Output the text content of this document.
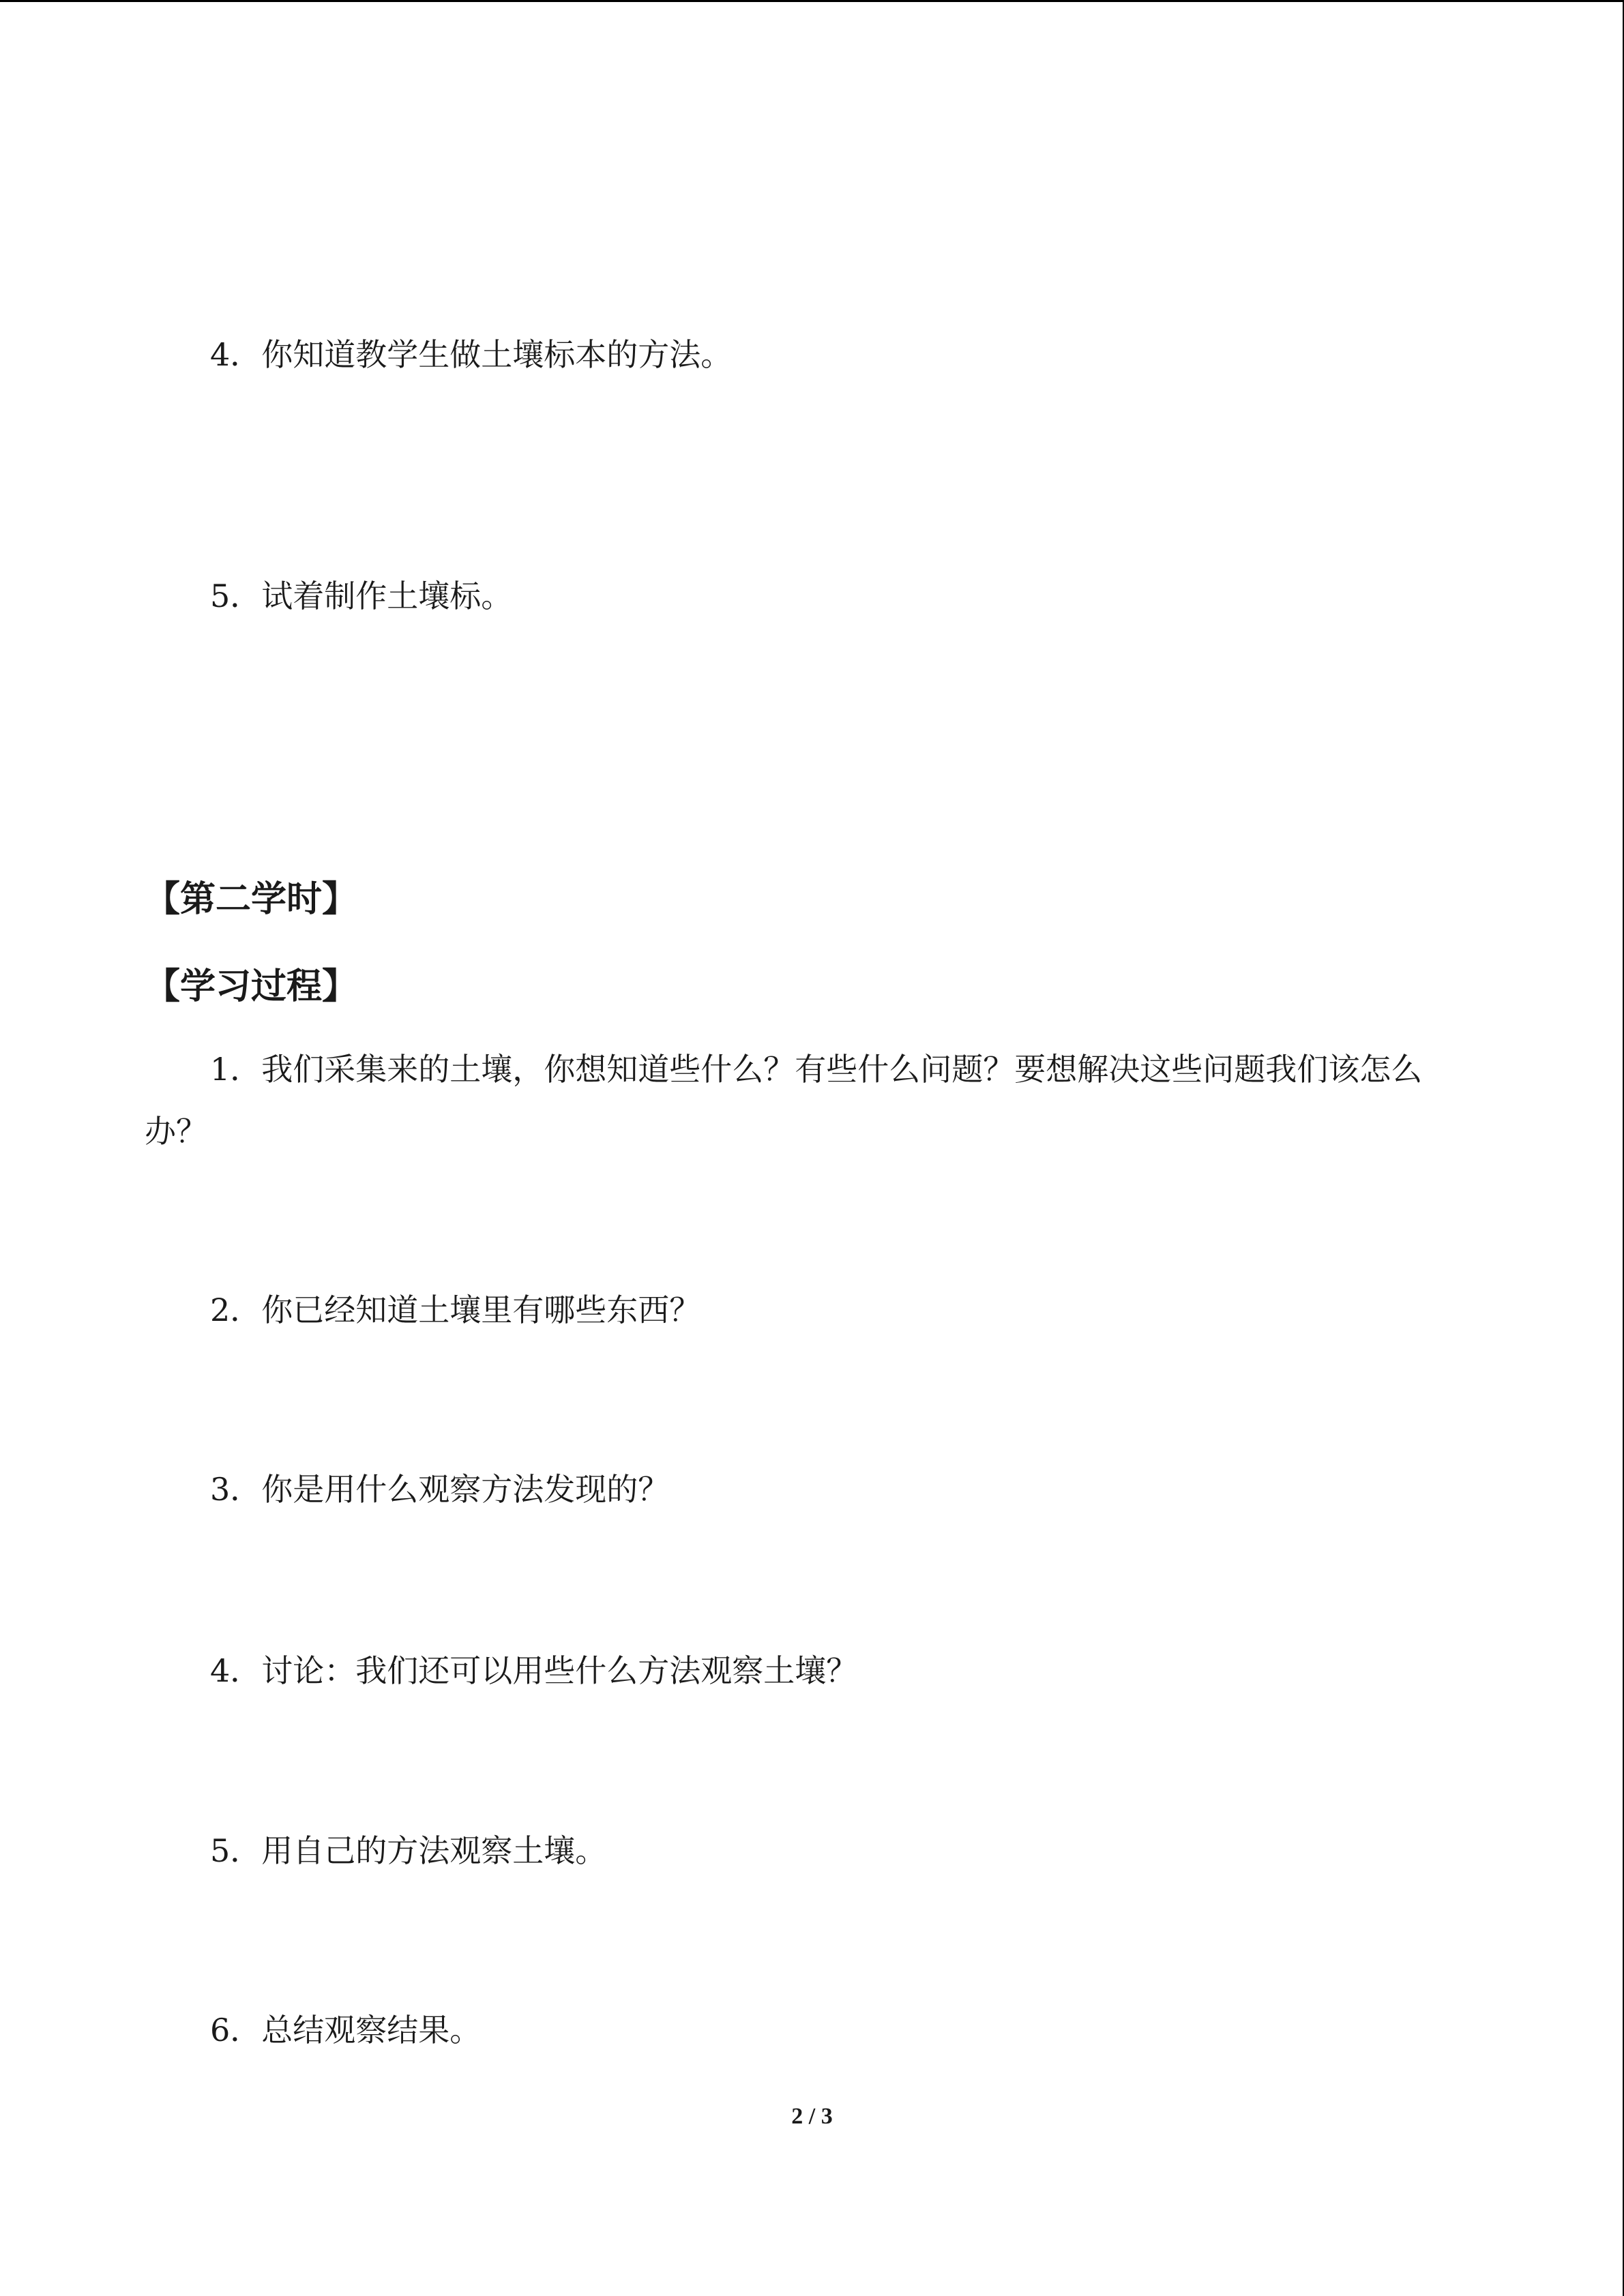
4．你知道教学生做土壤标本的方法。
5．试着制作土壤标。
【第二学时】
【学习过程】
1．我们采集来的土壤，你想知道些什么？有些什么问题？要想解决这些问题我们该怎么
办？
2．你已经知道土壤里有哪些东西？
3．你是用什么观察方法发现的？
4．讨论：我们还可以用些什么方法观察土壤？
5．用自己的方法观察土壤。
6．总结观察结果。
2 / 3
